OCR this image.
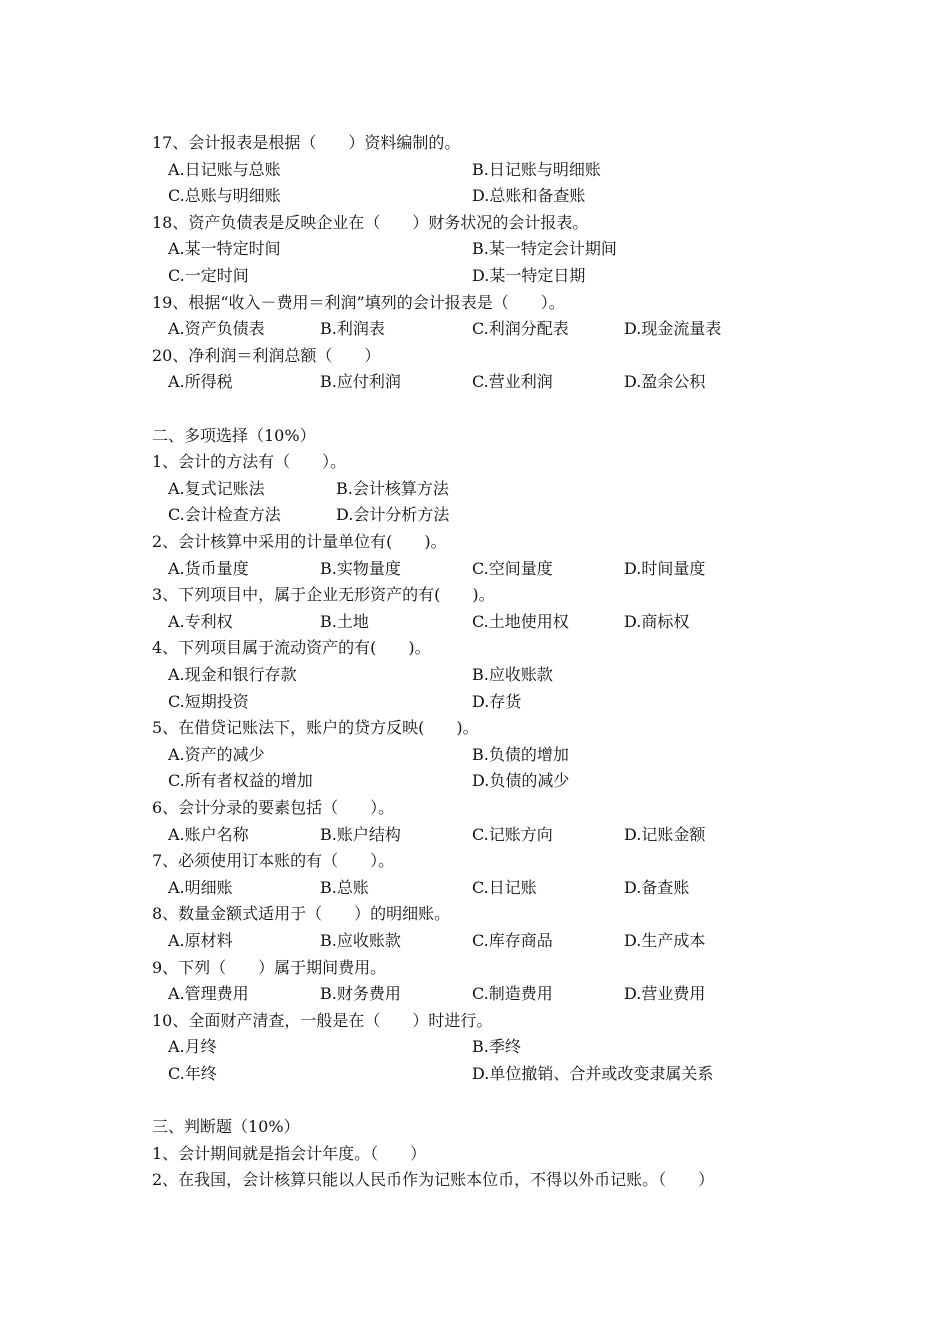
17、会计报表是根据（　　）资料编制的。
A.日记账与总账	B.日记账与明细账
C.总账与明细账	D.总账和备查账
18、资产负债表是反映企业在（　　）财务状况的会计报表。
A.某一特定时间	B.某一特定会计期间
C.一定时间	D.某一特定日期
19、根据“收入－费用＝利润”填列的会计报表是（　　）。
A.资产负债表	B.利润表	C.利润分配表	D.现金流量表
20、净利润＝利润总额（　　）
A.所得税	B.应付利润	C.营业利润	D.盈余公积
二、多项选择（10%）
1、会计的方法有（　　）。
A.复式记账法	B.会计核算方法
C.会计检查方法	D.会计分析方法
2、会计核算中采用的计量单位有(　　)。
A.货币量度	B.实物量度	C.空间量度	D.时间量度
3、下列项目中，属于企业无形资产的有(　　)。
A.专利权	B.土地	C.土地使用权	D.商标权
4、下列项目属于流动资产的有(　　)。
A.现金和银行存款	B.应收账款
C.短期投资	D.存货
5、在借贷记账法下，账户的贷方反映(　　)。
A.资产的减少	B.负债的增加
C.所有者权益的增加	D.负债的减少
6、会计分录的要素包括（　　）。
A.账户名称	B.账户结构	C.记账方向	D.记账金额
7、必须使用订本账的有（　　）。
A.明细账	B.总账	C.日记账	D.备查账
8、数量金额式适用于（　　）的明细账。
A.原材料	B.应收账款	C.库存商品	D.生产成本
9、下列（　　）属于期间费用。
A.管理费用	B.财务费用	C.制造费用	D.营业费用
10、全面财产清查，一般是在（　　）时进行。
A.月终	B.季终
C.年终	D.单位撤销、合并或改变隶属关系
三、判断题（10%）
1、会计期间就是指会计年度。（　　）
2、在我国，会计核算只能以人民币作为记账本位币，不得以外币记账。（　　）
